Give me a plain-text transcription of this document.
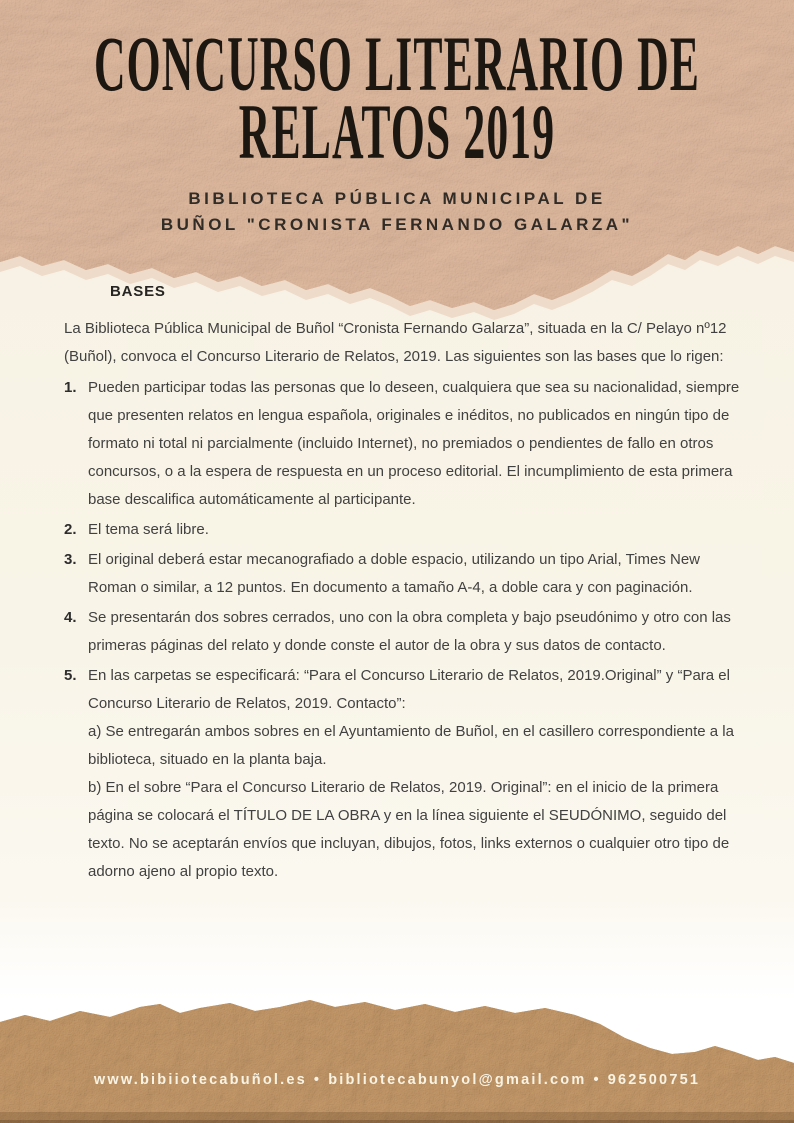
CONCURSO LITERARIO DE
RELATOS 2019

BIBLIOTECA PÚBLICA MUNICIPAL DE
BUÑOL "CRONISTA FERNANDO GALARZA"

BASES

La Biblioteca Pública Municipal de Buñol “Cronista Fernando Galarza”, situada en la C/ Pelayo nº12 (Buñol), convoca el Concurso Literario de Relatos, 2019. Las siguientes son las bases que lo rigen:

1. Pueden participar todas las personas que lo deseen, cualquiera que sea su nacionalidad, siempre que presenten relatos en lengua española, originales e inéditos, no publicados en ningún tipo de formato ni total ni parcialmente (incluido Internet), no premiados o pendientes de fallo en otros concursos, o a la espera de respuesta en un proceso editorial. El incumplimiento de esta primera base descalifica automáticamente al participante.
2. El tema será libre.
3. El original deberá estar mecanografiado a doble espacio, utilizando un tipo Arial, Times New Roman o similar, a 12 puntos. En documento a tamaño A-4, a doble cara y con paginación.
4. Se presentarán dos sobres cerrados, uno con la obra completa y bajo pseudónimo y otro con las primeras páginas del relato y donde conste el autor de la obra y sus datos de contacto.
5. En las carpetas se especificará: “Para el Concurso Literario de Relatos, 2019.Original” y “Para el Concurso Literario de Relatos, 2019. Contacto”:
a) Se entregarán ambos sobres en el Ayuntamiento de Buñol, en el casillero correspondiente a la biblioteca, situado en la planta baja.
b) En el sobre “Para el Concurso Literario de Relatos, 2019. Original”: en el inicio de la primera página se colocará el TÍTULO DE LA OBRA y en la línea siguiente el SEUDÓNIMO, seguido del texto. No se aceptarán envíos que incluyan, dibujos, fotos, links externos o cualquier otro tipo de adorno ajeno al propio texto.
www.bibiiotecabuñol.es • bibliotecabunyol@gmail.com • 962500751
